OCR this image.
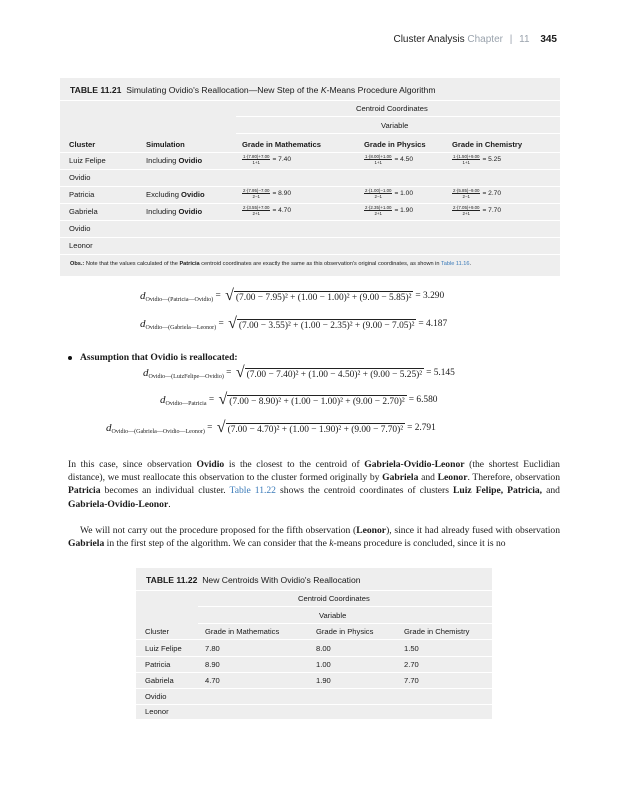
Cluster Analysis Chapter | 11 345
TABLE 11.21 Simulating Ovidio's Reallocation—New Step of the K-Means Procedure Algorithm
Centroid Coordinates
Variable
Cluster	Simulation	Grade in Mathematics	Grade in Physics	Grade in Chemistry
Luiz Felipe	Including Ovidio	$\frac{1\cdot(7.80)+7.00}{1+1} = 7.40$	$\frac{1\cdot(8.00)+1.00}{1+1} = 4.50$	$\frac{1\cdot(1.50)+9.00}{1+1} = 5.25$
Ovidio
Patricia	Excluding Ovidio	$\frac{2\cdot(7.95)-7.00}{2-1} = 8.90$	$\frac{2\cdot(1.00)-1.00}{2-1} = 1.00$	$\frac{2\cdot(5.85)-9.00}{2-1} = 2.70$
Gabriela	Including Ovidio	$\frac{2\cdot(3.55)+7.00}{2+1} = 4.70$	$\frac{2\cdot(2.35)+1.00}{2+1} = 1.90$	$\frac{2\cdot(7.05)+9.00}{2+1} = 7.70$
Ovidio
Leonor
Obs.: Note that the values calculated of the Patricia centroid coordinates are exactly the same as this observation's original coordinates, as shown in Table 11.16.
d Ovidio—(Patricia—Ovidio) = √ (7.00 − 7.95)² + (1.00 − 1.00)² + (9.00 − 5.85)² = 3.290
d Ovidio—(Gabriela—Leonor) = √ (7.00 − 3.55)² + (1.00 − 2.35)² + (9.00 − 7.05)² = 4.187
Assumption that Ovidio is reallocated:
d Ovidio—(LuizFelipe—Ovidio) = √ (7.00 − 7.40)² + (1.00 − 4.50)² + (9.00 − 5.25)² = 5.145
d Ovidio—Patricia = √ (7.00 − 8.90)² + (1.00 − 1.00)² + (9.00 − 2.70)² = 6.580
d Ovidio—(Gabriela—Ovidio—Leonor) = √ (7.00 − 4.70)² + (1.00 − 1.90)² + (9.00 − 7.70)² = 2.791
In this case, since observation Ovidio is the closest to the centroid of Gabriela-Ovidio-Leonor (the shortest Euclidian distance), we must reallocate this observation to the cluster formed originally by Gabriela and Leonor. Therefore, observation Patricia becomes an individual cluster. Table 11.22 shows the centroid coordinates of clusters Luiz Felipe, Patricia, and Gabriela-Ovidio-Leonor.
We will not carry out the procedure proposed for the fifth observation (Leonor), since it had already fused with observation Gabriela in the first step of the algorithm. We can consider that the k-means procedure is concluded, since it is no
TABLE 11.22 New Centroids With Ovidio's Reallocation
Centroid Coordinates
Variable
Cluster	Grade in Mathematics	Grade in Physics	Grade in Chemistry
Luiz Felipe	7.80	8.00	1.50
Patricia	8.90	1.00	2.70
Gabriela	4.70	1.90	7.70
Ovidio
Leonor
